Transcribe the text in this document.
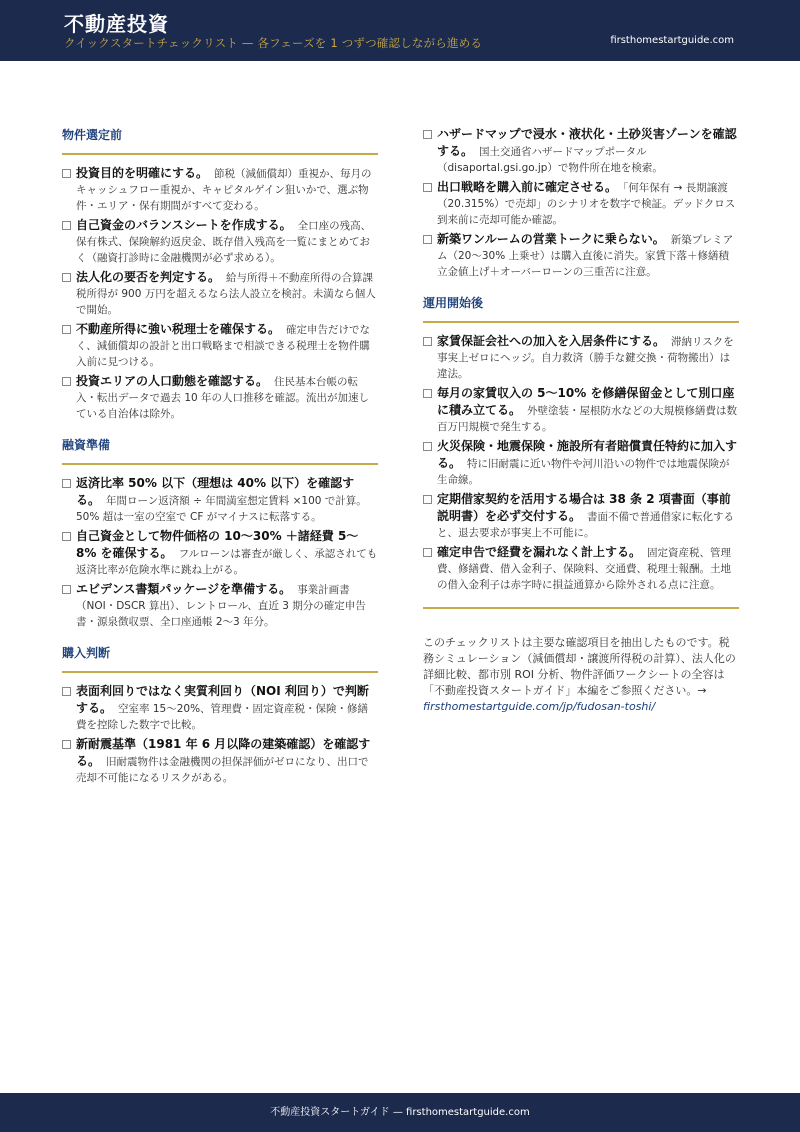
不動産投資
クイックスタートチェックリスト — 各フェーズを 1 つずつ確認しながら進める	firsthomestartguide.com
物件選定前
投資目的を明確にする。 節税（減価償却）重視か、毎月のキャッシュフロー重視か、キャピタルゲイン狙いかで、選ぶ物件・エリア・保有期間がすべて変わる。
自己資金のバランスシートを作成する。 全口座の残高、保有株式、保険解約返戻金、既存借入残高を一覧にまとめておく（融資打診時に金融機関が必ず求める）。
法人化の要否を判定する。 給与所得＋不動産所得の合算課税所得が 900 万円を超えるなら法人設立を検討。未満なら個人で開始。
不動産所得に強い税理士を確保する。 確定申告だけでなく、減価償却の設計と出口戦略まで相談できる税理士を物件購入前に見つける。
投資エリアの人口動態を確認する。 住民基本台帳の転入・転出データで過去 10 年の人口推移を確認。流出が加速している自治体は除外。
融資準備
返済比率 50% 以下（理想は 40% 以下）を確認する。 年間ローン返済額 ÷ 年間満室想定賃料 ×100 で計算。50% 超は一室の空室で CF がマイナスに転落する。
自己資金として物件価格の 10〜30% ＋諸経費 5〜8% を確保する。 フルローンは審査が厳しく、承認されても返済比率が危険水準に跳ね上がる。
エビデンス書類パッケージを準備する。 事業計画書（NOI・DSCR 算出）、レントロール、直近 3 期分の確定申告書・源泉徴収票、全口座通帳 2〜3 年分。
購入判断
表面利回りではなく実質利回り（NOI 利回り）で判断する。 空室率 15〜20%、管理費・固定資産税・保険・修繕費を控除した数字で比較。
新耐震基準（1981 年 6 月以降の建築確認）を確認する。 旧耐震物件は金融機関の担保評価がゼロになり、出口で売却不可能になるリスクがある。
ハザードマップで浸水・液状化・土砂災害ゾーンを確認する。 国土交通省ハザードマップポータル（disaportal.gsi.go.jp）で物件所在地を検索。
出口戦略を購入前に確定させる。 「何年保有 → 長期譲渡（20.315%）で売却」のシナリオを数字で検証。デッドクロス到来前に売却可能か確認。
新築ワンルームの営業トークに乗らない。 新築プレミアム（20〜30% 上乗せ）は購入直後に消失。家賃下落＋修繕積立金値上げ＋オーバーローンの三重苦に注意。
運用開始後
家賃保証会社への加入を入居条件にする。 滞納リスクを事実上ゼロにヘッジ。自力救済（勝手な鍵交換・荷物搬出）は違法。
毎月の家賃収入の 5〜10% を修繕保留金として別口座に積み立てる。 外壁塗装・屋根防水などの大規模修繕費は数百万円規模で発生する。
火災保険・地震保険・施設所有者賠償責任特約に加入する。 特に旧耐震に近い物件や河川沿いの物件では地震保険が生命線。
定期借家契約を活用する場合は 38 条 2 項書面（事前説明書）を必ず交付する。 書面不備で普通借家に転化すると、退去要求が事実上不可能に。
確定申告で経費を漏れなく計上する。 固定資産税、管理費、修繕費、借入金利子、保険料、交通費、税理士報酬。土地の借入金利子は赤字時に損益通算から除外される点に注意。
このチェックリストは主要な確認項目を抽出したものです。税務シミュレーション（減価償却・譲渡所得税の計算）、法人化の詳細比較、都市別 ROI 分析、物件評価ワークシートの全容は「不動産投資スタートガイド」本編をご参照ください。→ firsthomestartguide.com/jp/fudosan-toshi/
不動産投資スタートガイド — firsthomestartguide.com
